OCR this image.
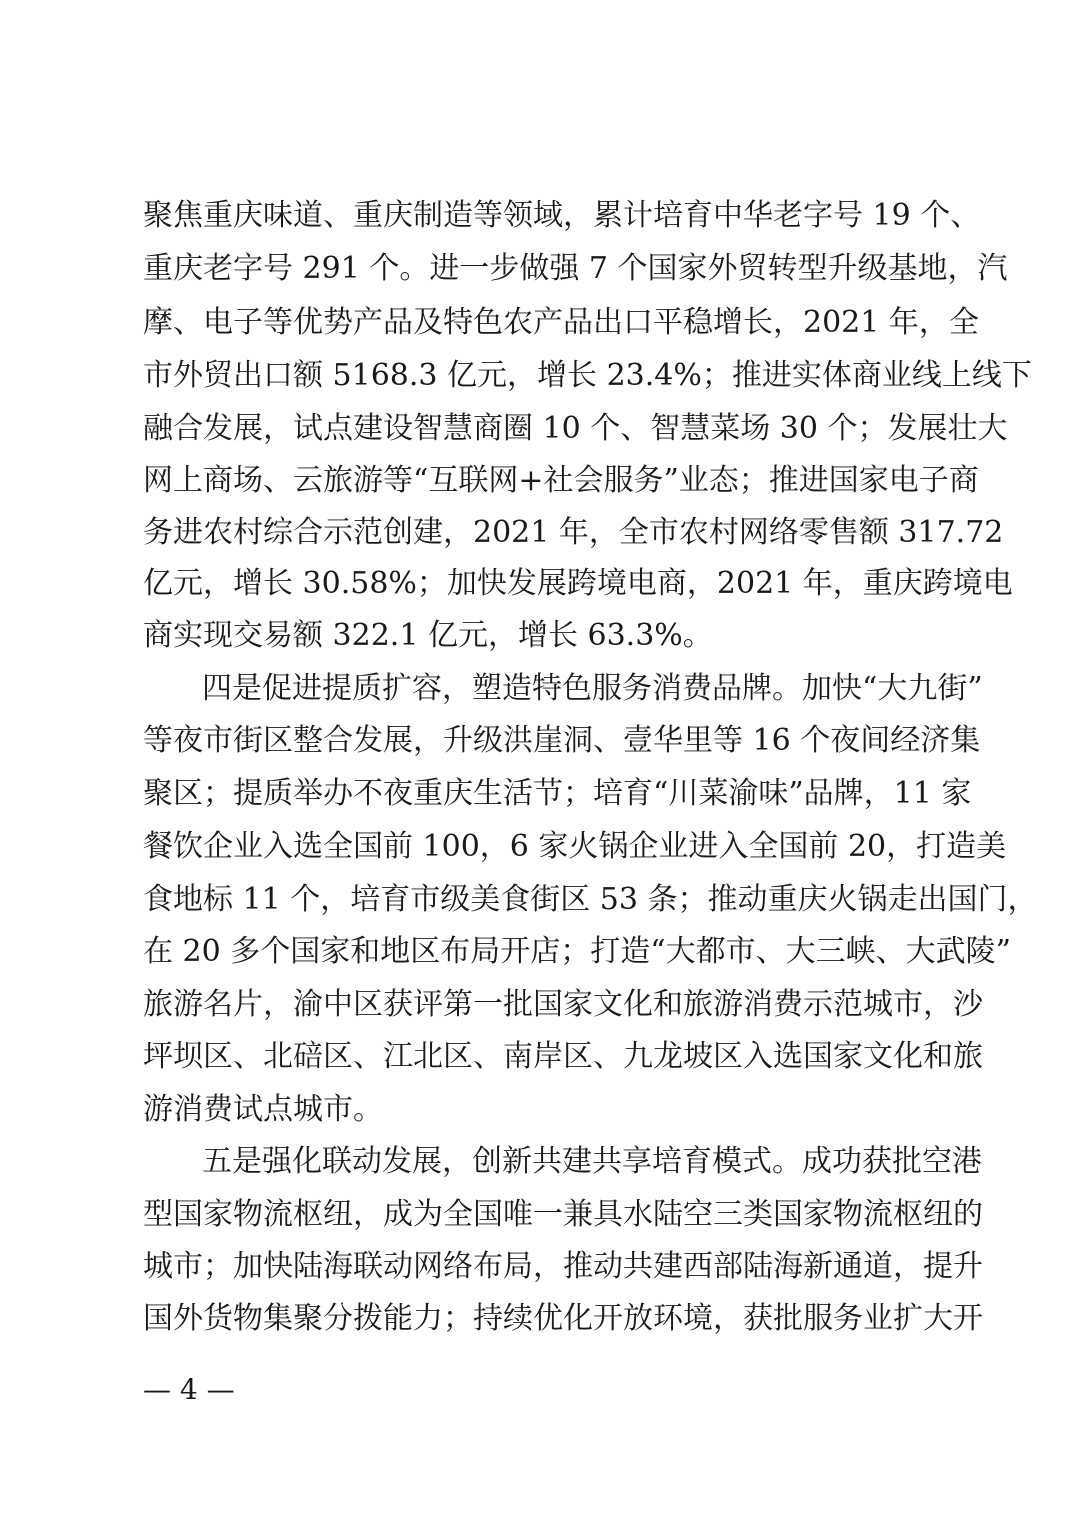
聚焦重庆味道、重庆制造等领域，累计培育中华老字号 19 个、
重庆老字号 291 个。进一步做强 7 个国家外贸转型升级基地，汽
摩、电子等优势产品及特色农产品出口平稳增长，2021 年，全
市外贸出口额 5168.3 亿元，增长 23.4%；推进实体商业线上线下
融合发展，试点建设智慧商圈 10 个、智慧菜场 30 个；发展壮大
网上商场、云旅游等“互联网+社会服务”业态；推进国家电子商
务进农村综合示范创建，2021 年，全市农村网络零售额 317.72
亿元，增长 30.58%；加快发展跨境电商，2021 年，重庆跨境电
商实现交易额 322.1 亿元，增长 63.3%。
四是促进提质扩容，塑造特色服务消费品牌。加快“大九街”
等夜市街区整合发展，升级洪崖洞、壹华里等 16 个夜间经济集
聚区；提质举办不夜重庆生活节；培育“川菜渝味”品牌，11 家
餐饮企业入选全国前 100，6 家火锅企业进入全国前 20，打造美
食地标 11 个，培育市级美食街区 53 条；推动重庆火锅走出国门，
在 20 多个国家和地区布局开店；打造“大都市、大三峡、大武陵”
旅游名片，渝中区获评第一批国家文化和旅游消费示范城市，沙
坪坝区、北碚区、江北区、南岸区、九龙坡区入选国家文化和旅
游消费试点城市。
五是强化联动发展，创新共建共享培育模式。成功获批空港
型国家物流枢纽，成为全国唯一兼具水陆空三类国家物流枢纽的
城市；加快陆海联动网络布局，推动共建西部陆海新通道，提升
国外货物集聚分拨能力；持续优化开放环境，获批服务业扩大开
— 4 —
